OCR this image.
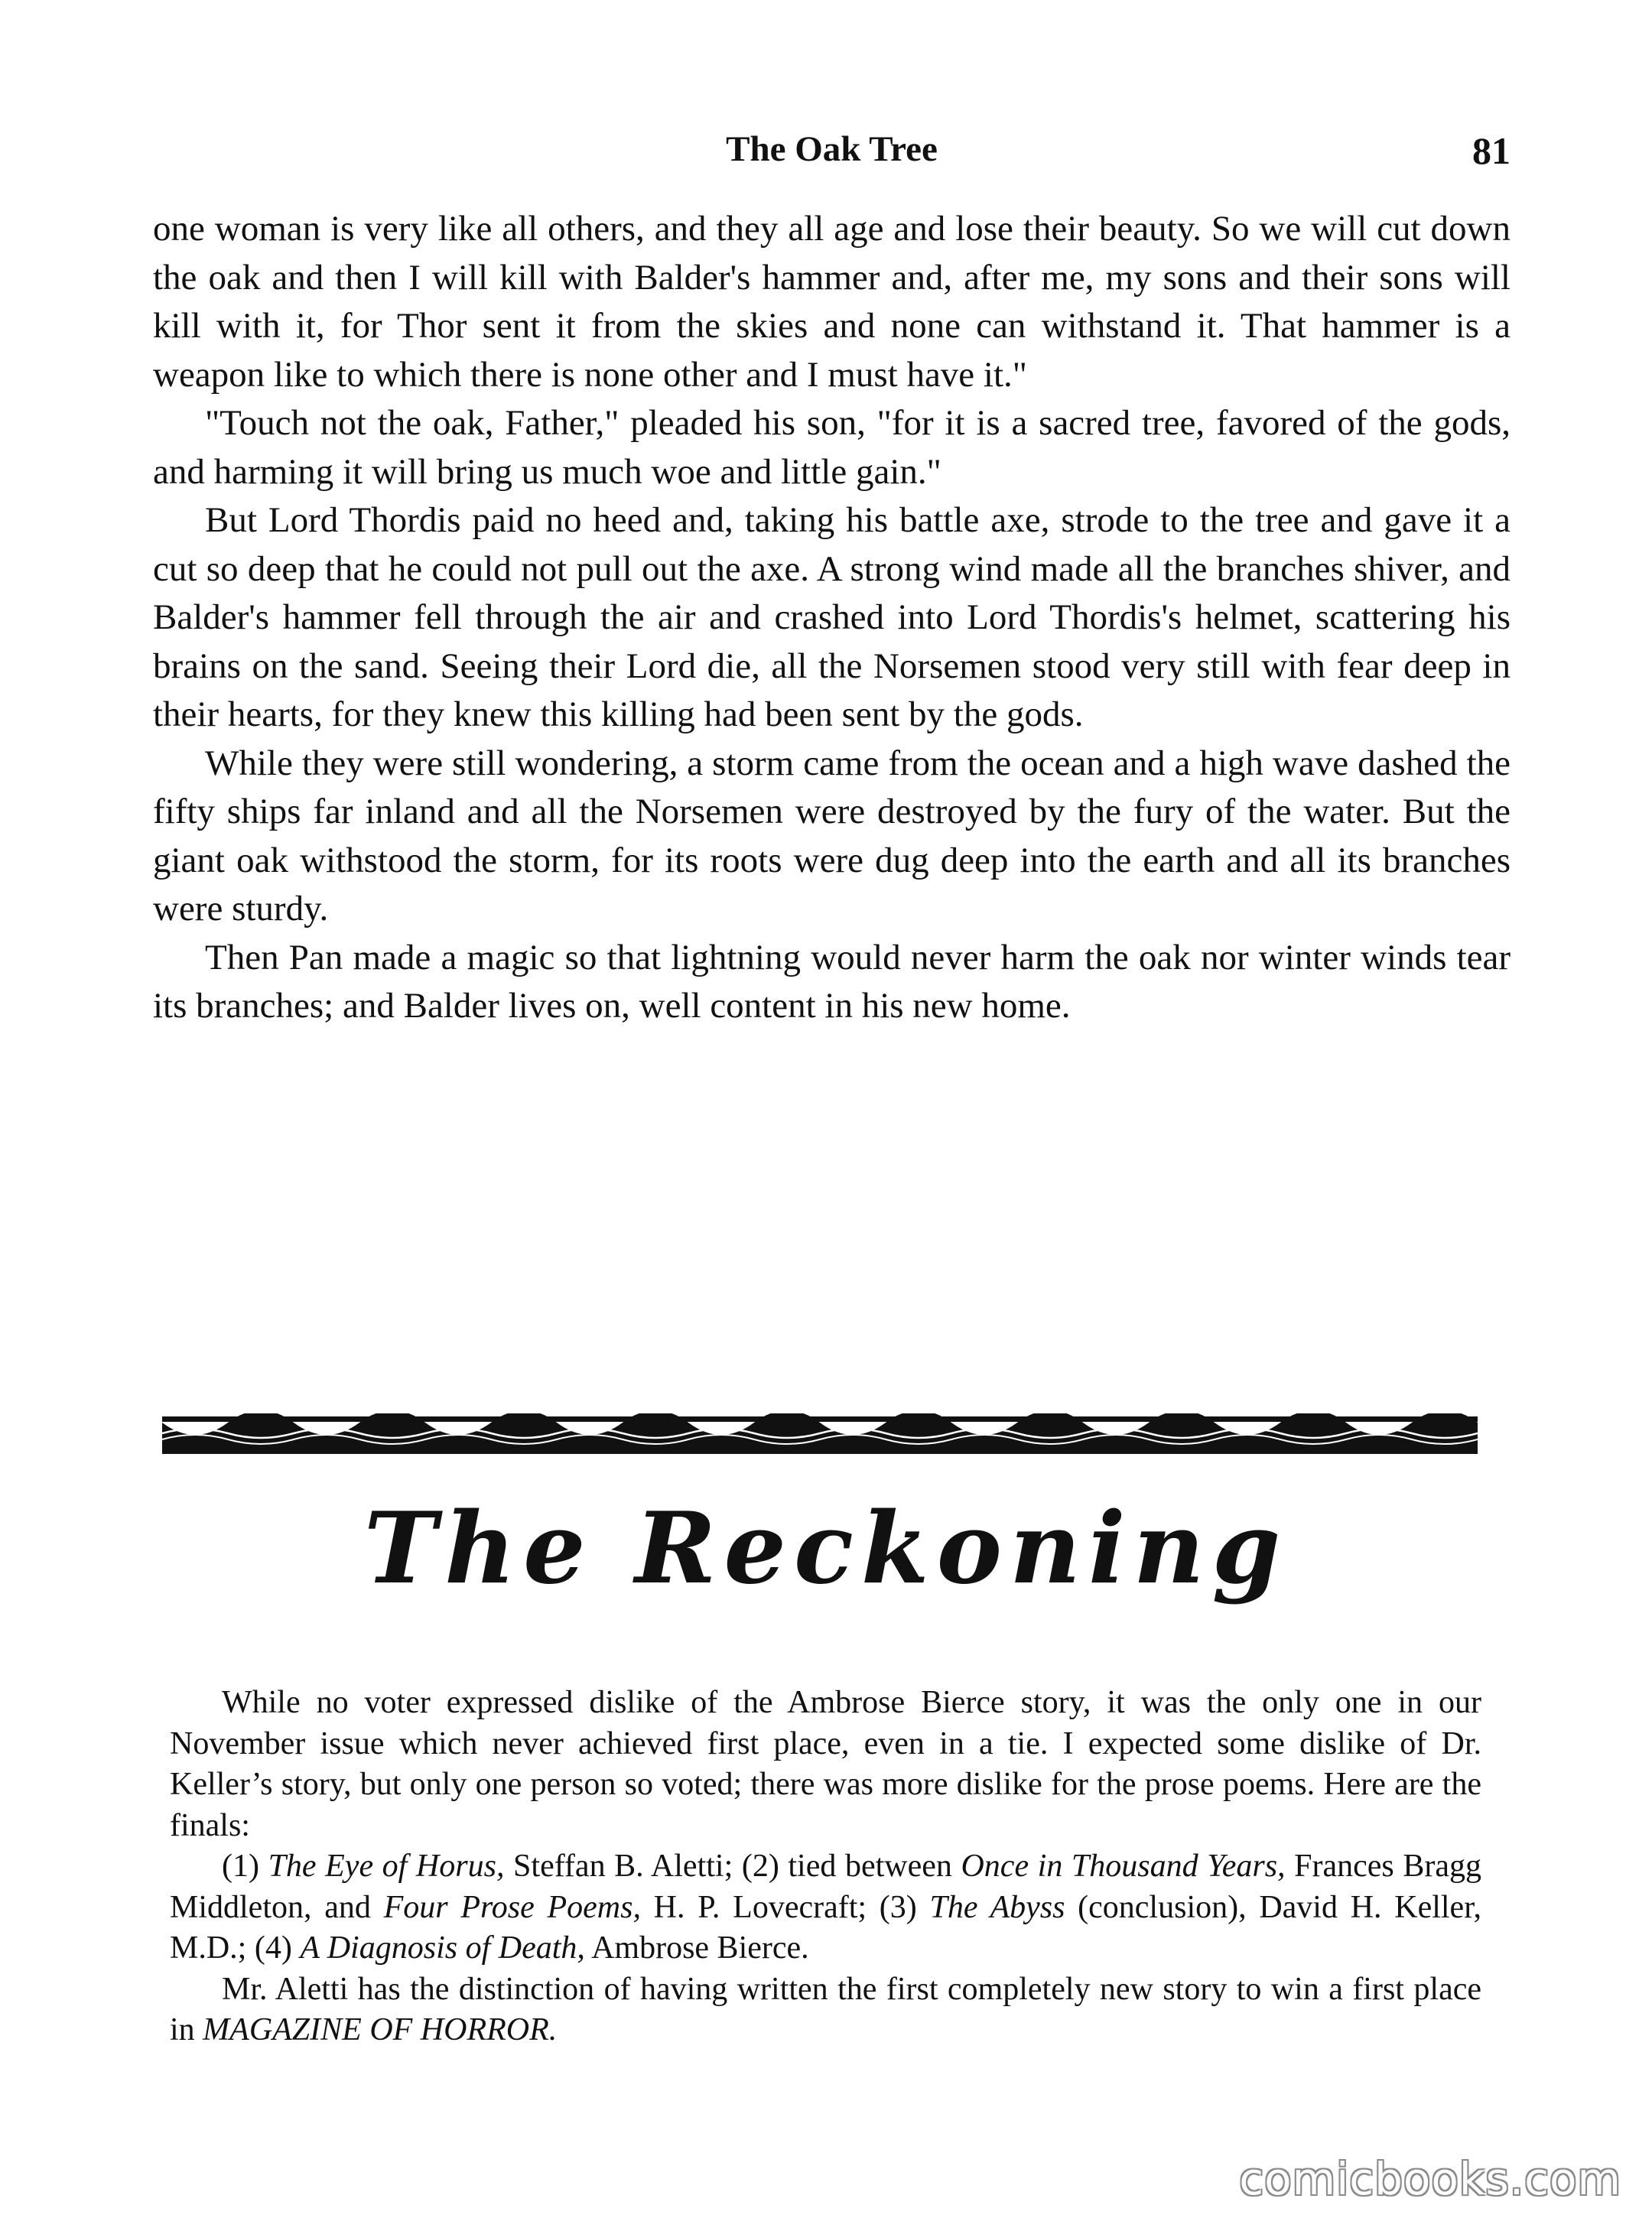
The Oak Tree	81

one woman is very like all others, and they all age and lose their beauty. So we will cut down the oak and then I will kill with Balder's hammer and, after me, my sons and their sons will kill with it, for Thor sent it from the skies and none can withstand it. That hammer is a weapon like to which there is none other and I must have it."

"Touch not the oak, Father," pleaded his son, "for it is a sacred tree, favored of the gods, and harming it will bring us much woe and little gain."

But Lord Thordis paid no heed and, taking his battle axe, strode to the tree and gave it a cut so deep that he could not pull out the axe. A strong wind made all the branches shiver, and Balder's hammer fell through the air and crashed into Lord Thordis's helmet, scattering his brains on the sand. Seeing their Lord die, all the Norsemen stood very still with fear deep in their hearts, for they knew this killing had been sent by the gods.

While they were still wondering, a storm came from the ocean and a high wave dashed the fifty ships far inland and all the Norsemen were destroyed by the fury of the water. But the giant oak withstood the storm, for its roots were dug deep into the earth and all its branches were sturdy.

Then Pan made a magic so that lightning would never harm the oak nor winter winds tear its branches; and Balder lives on, well content in his new home.

The Reckoning

While no voter expressed dislike of the Ambrose Bierce story, it was the only one in our November issue which never achieved first place, even in a tie. I expected some dislike of Dr. Keller’s story, but only one person so voted; there was more dislike for the prose poems. Here are the finals:

(1) The Eye of Horus, Steffan B. Aletti; (2) tied between Once in Thousand Years, Frances Bragg Middleton, and Four Prose Poems, H. P. Lovecraft; (3) The Abyss (conclusion), David H. Keller, M.D.; (4) A Diagnosis of Death, Ambrose Bierce.

Mr. Aletti has the distinction of having written the first completely new story to win a first place in MAGAZINE OF HORROR.

comicbooks.com
